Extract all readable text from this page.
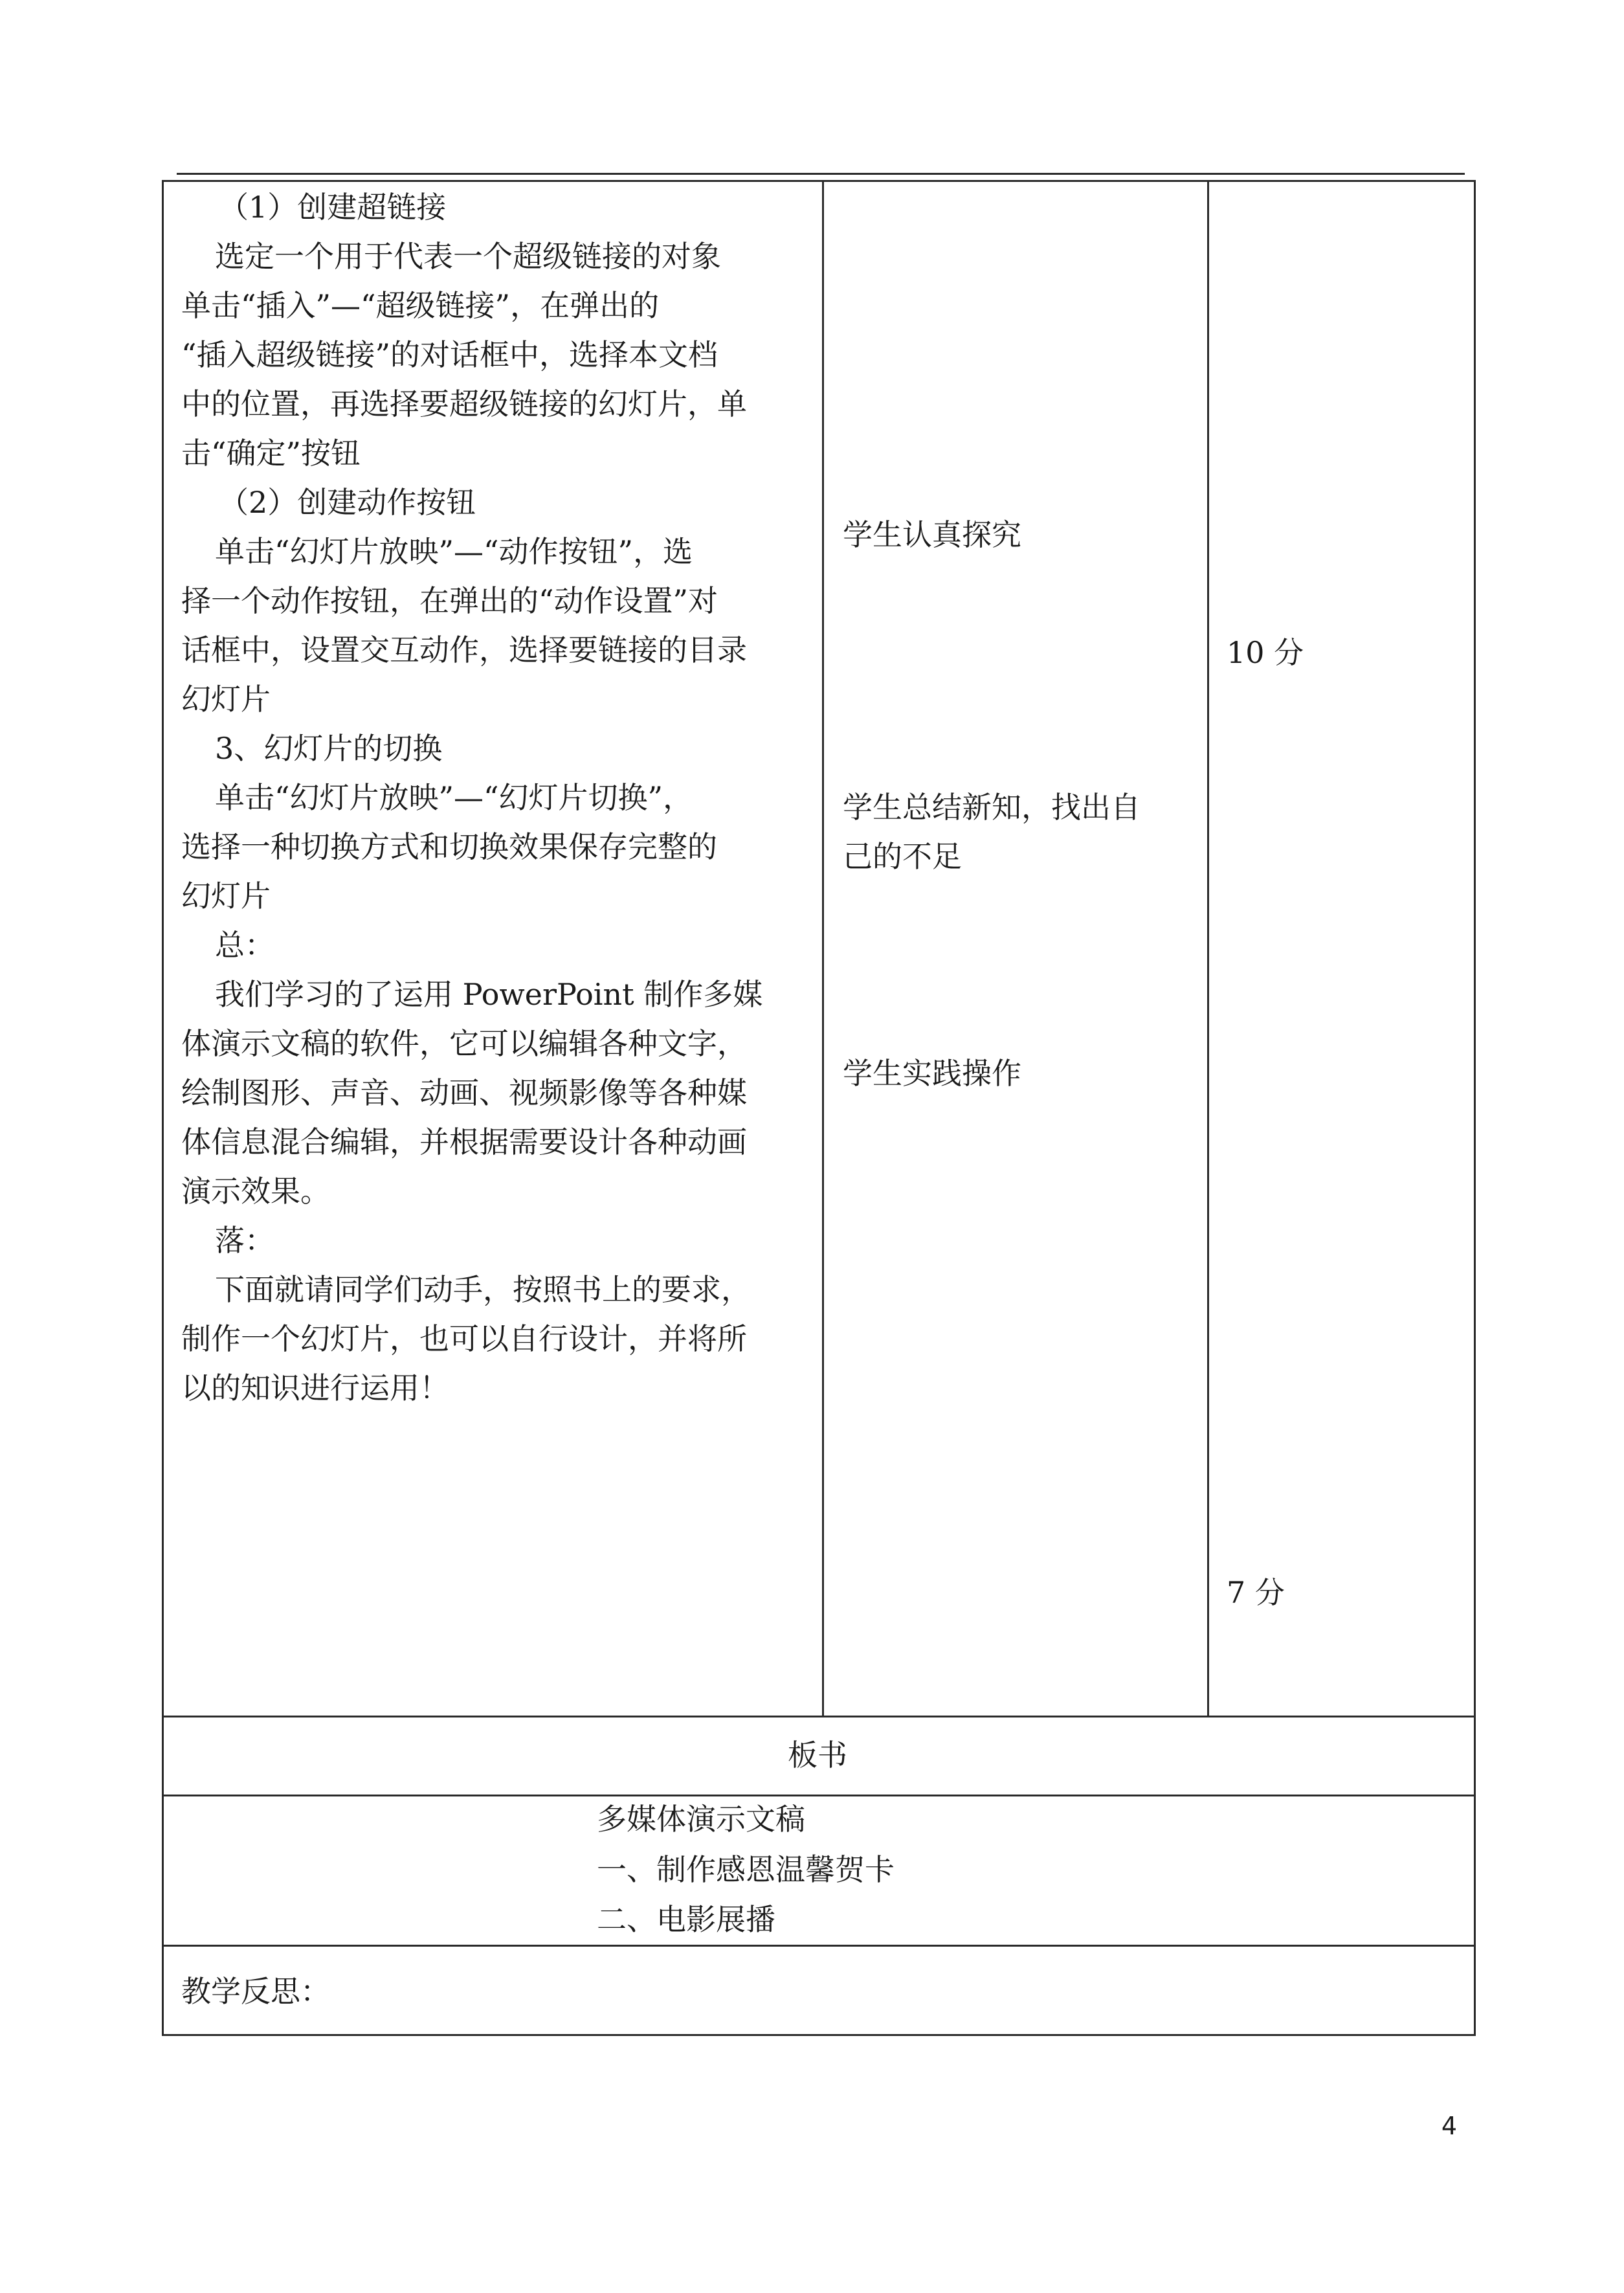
（1）创建超链接
选定一个用于代表一个超级链接的对象
单击“插入”—“超级链接”，在弹出的
“插入超级链接”的对话框中，选择本文档
中的位置，再选择要超级链接的幻灯片，单
击“确定”按钮
（2）创建动作按钮
单击“幻灯片放映”—“动作按钮”，选
择一个动作按钮，在弹出的“动作设置”对
话框中，设置交互动作，选择要链接的目录
幻灯片
3、幻灯片的切换
单击“幻灯片放映”—“幻灯片切换”，
选择一种切换方式和切换效果保存完整的
幻灯片
总：
我们学习的了运用 PowerPoint 制作多媒
体演示文稿的软件，它可以编辑各种文字，
绘制图形、声音、动画、视频影像等各种媒
体信息混合编辑，并根据需要设计各种动画
演示效果。
落：
下面就请同学们动手，按照书上的要求，
制作一个幻灯片，也可以自行设计，并将所
以的知识进行运用！
学生认真探究
学生总结新知，找出自
己的不足
学生实践操作
10 分
7 分
板书
多媒体演示文稿
一、制作感恩温馨贺卡
二、电影展播
教学反思：
4
